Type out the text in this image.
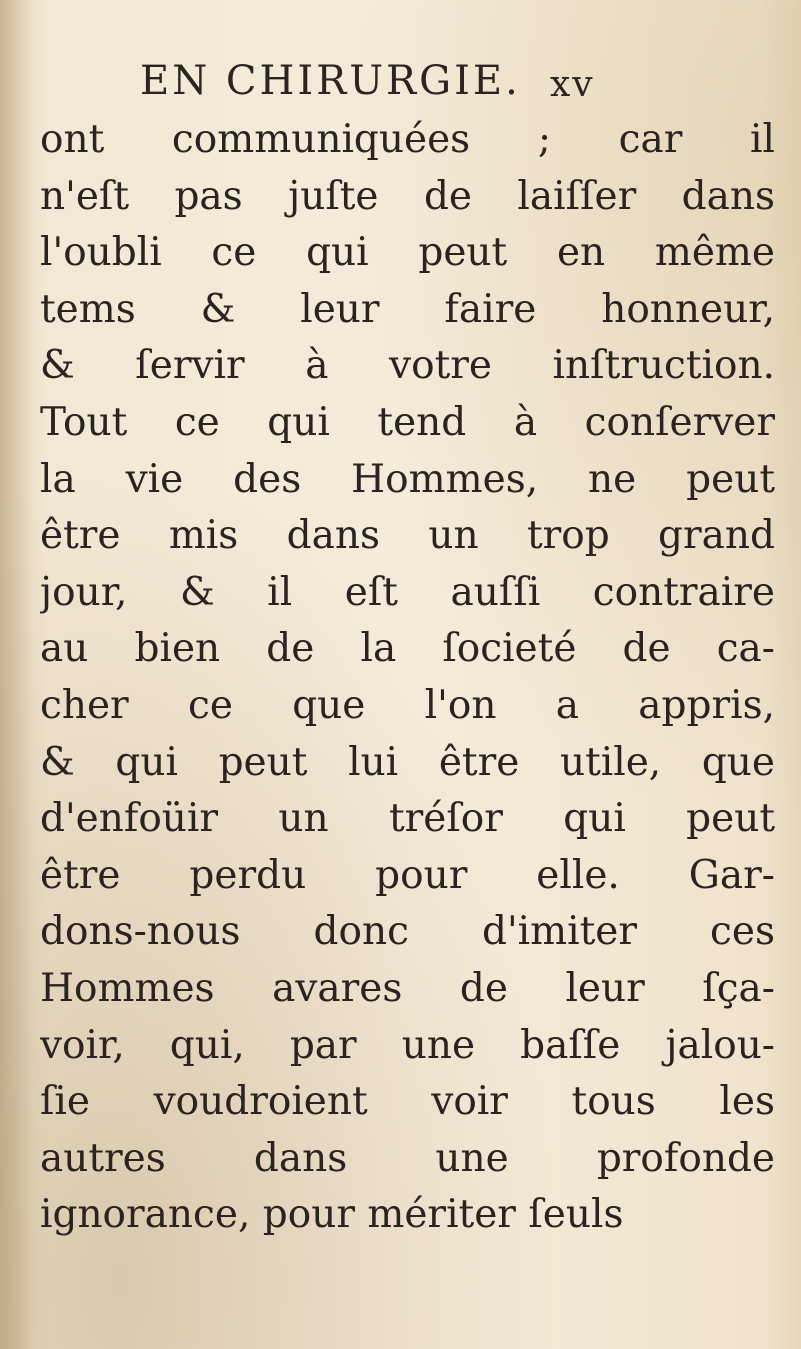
EN CHIRURGIE. xv
ont communiquées ; car il
n'eſt pas juſte de laiſſer dans
l'oubli ce qui peut en même
tems & leur faire honneur,
& ſervir à votre inſtruction.
Tout ce qui tend à conſerver
la vie des Hommes, ne peut
être mis dans un trop grand
jour, & il eſt auſſi contraire
au bien de la ſocieté de ca-
cher ce que l'on a appris,
& qui peut lui être utile, que
d'enfoüir un tréſor qui peut
être perdu pour elle. Gar-
dons-nous donc d'imiter ces
Hommes avares de leur ſça-
voir, qui, par une baſſe jalou-
ſie voudroient voir tous les
autres dans une profonde
ignorance, pour mériter ſeuls
